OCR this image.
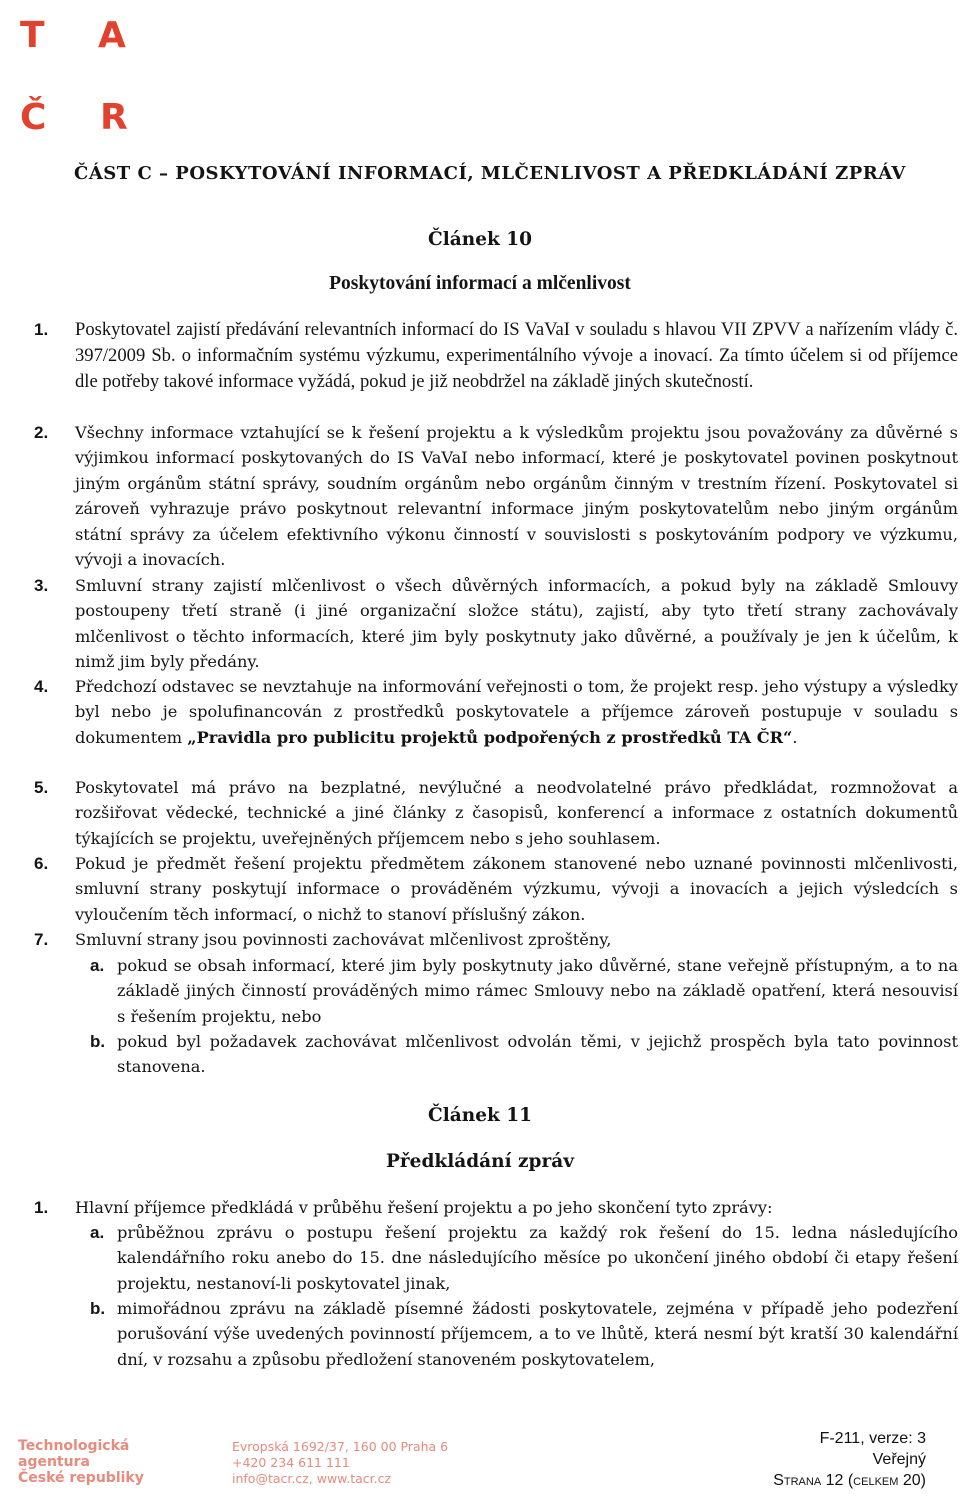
T A
Č R
ČÁST C – POSKYTOVÁNÍ INFORMACÍ, MLČENLIVOST A PŘEDKLÁDÁNÍ ZPRÁV
Článek 10
Poskytování informací a mlčenlivost
1. Poskytovatel zajistí předávání relevantních informací do IS VaVaI v souladu s hlavou VII ZPVV a nařízením vlády č. 397/2009 Sb. o informačním systému výzkumu, experimentálního vývoje a inovací. Za tímto účelem si od příjemce dle potřeby takové informace vyžádá, pokud je již neobdržel na základě jiných skutečností.
2. Všechny informace vztahující se k řešení projektu a k výsledkům projektu jsou považovány za důvěrné s výjimkou informací poskytovaných do IS VaVaI nebo informací, které je poskytovatel povinen poskytnout jiným orgánům státní správy, soudním orgánům nebo orgánům činným v trestním řízení. Poskytovatel si zároveň vyhrazuje právo poskytnout relevantní informace jiným poskytovatelům nebo jiným orgánům státní správy za účelem efektivního výkonu činností v souvislosti s poskytováním podpory ve výzkumu, vývoji a inovacích.
3. Smluvní strany zajistí mlčenlivost o všech důvěrných informacích, a pokud byly na základě Smlouvy postoupeny třetí straně (i jiné organizační složce státu), zajistí, aby tyto třetí strany zachovávaly mlčenlivost o těchto informacích, které jim byly poskytnuty jako důvěrné, a používaly je jen k účelům, k nimž jim byly předány.
4. Předchozí odstavec se nevztahuje na informování veřejnosti o tom, že projekt resp. jeho výstupy a výsledky byl nebo je spolufinancován z prostředků poskytovatele a příjemce zároveň postupuje v souladu s dokumentem „Pravidla pro publicitu projektů podpořených z prostředků TA ČR“.
5. Poskytovatel má právo na bezplatné, nevýlučné a neodvolatelné právo předkládat, rozmnožovat a rozšiřovat vědecké, technické a jiné články z časopisů, konferencí a informace z ostatních dokumentů týkajících se projektu, uveřejněných příjemcem nebo s jeho souhlasem.
6. Pokud je předmět řešení projektu předmětem zákonem stanovené nebo uznané povinnosti mlčenlivosti, smluvní strany poskytují informace o prováděném výzkumu, vývoji a inovacích a jejich výsledcích s vyloučením těch informací, o nichž to stanoví příslušný zákon.
7. Smluvní strany jsou povinnosti zachovávat mlčenlivost zproštěny,
a. pokud se obsah informací, které jim byly poskytnuty jako důvěrné, stane veřejně přístupným, a to na základě jiných činností prováděných mimo rámec Smlouvy nebo na základě opatření, která nesouvisí s řešením projektu, nebo
b. pokud byl požadavek zachovávat mlčenlivost odvolán těmi, v jejichž prospěch byla tato povinnost stanovena.
Článek 11
Předkládání zpráv
1. Hlavní příjemce předkládá v průběhu řešení projektu a po jeho skončení tyto zprávy:
a. průběžnou zprávu o postupu řešení projektu za každý rok řešení do 15. ledna následujícího kalendářního roku anebo do 15. dne následujícího měsíce po ukončení jiného období či etapy řešení projektu, nestanoví-li poskytovatel jinak,
b. mimořádnou zprávu na základě písemné žádosti poskytovatele, zejména v případě jeho podezření porušování výše uvedených povinností příjemcem, a to ve lhůtě, která nesmí být kratší 30 kalendářní dní, v rozsahu a způsobu předložení stanoveném poskytovatelem,
Technologická
agentura
České republiky
Evropská 1692/37, 160 00 Praha 6
+420 234 611 111
info@tacr.cz, www.tacr.cz
F-211, verze: 3
Veřejný
Strana 12 (celkem 20)
